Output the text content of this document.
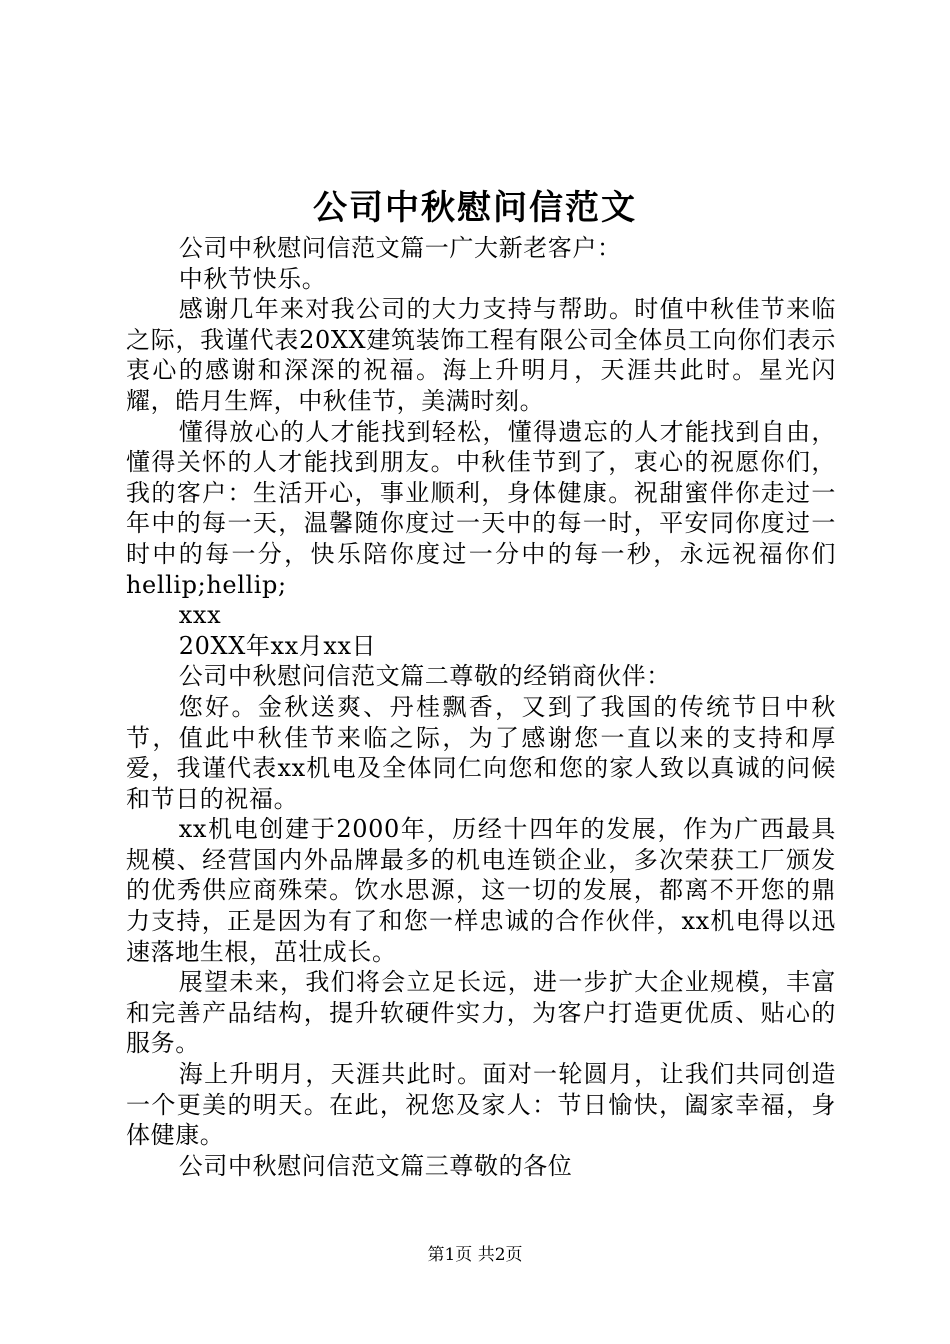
公司中秋慰问信范文

公司中秋慰问信范文篇一广大新老客户：

中秋节快乐。

感谢几年来对我公司的大力支持与帮助。时值中秋佳节来临之际，我谨代表20XX建筑装饰工程有限公司全体员工向你们表示衷心的感谢和深深的祝福。海上升明月，天涯共此时。星光闪耀，皓月生辉，中秋佳节，美满时刻。

懂得放心的人才能找到轻松，懂得遗忘的人才能找到自由，懂得关怀的人才能找到朋友。中秋佳节到了，衷心的祝愿你们，我的客户：生活开心，事业顺利，身体健康。祝甜蜜伴你走过一年中的每一天，温馨随你度过一天中的每一时，平安同你度过一时中的每一分，快乐陪你度过一分中的每一秒，永远祝福你们hellip;hellip;

xxx

20XX年xx月xx日

公司中秋慰问信范文篇二尊敬的经销商伙伴：

您好。金秋送爽、丹桂飘香，又到了我国的传统节日中秋节，值此中秋佳节来临之际，为了感谢您一直以来的支持和厚爱，我谨代表xx机电及全体同仁向您和您的家人致以真诚的问候和节日的祝福。

xx机电创建于2000年，历经十四年的发展，作为广西最具规模、经营国内外品牌最多的机电连锁企业，多次荣获工厂颁发的优秀供应商殊荣。饮水思源，这一切的发展，都离不开您的鼎力支持，正是因为有了和您一样忠诚的合作伙伴，xx机电得以迅速落地生根，茁壮成长。

展望未来，我们将会立足长远，进一步扩大企业规模，丰富和完善产品结构，提升软硬件实力，为客户打造更优质、贴心的服务。

海上升明月，天涯共此时。面对一轮圆月，让我们共同创造一个更美的明天。在此，祝您及家人：节日愉快，阖家幸福，身体健康。

公司中秋慰问信范文篇三尊敬的各位

第1页 共2页
